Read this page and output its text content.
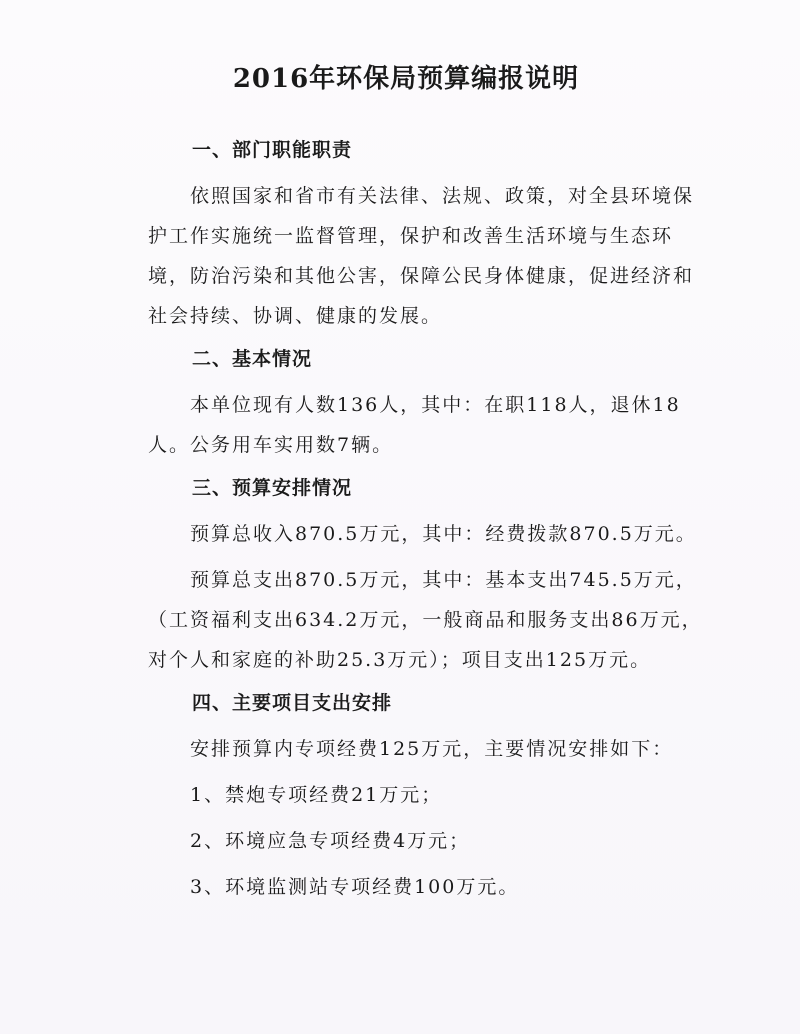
2016年环保局预算编报说明
一、部门职能职责
依照国家和省市有关法律、法规、政策，对全县环境保护工作实施统一监督管理，保护和改善生活环境与生态环境，防治污染和其他公害，保障公民身体健康，促进经济和社会持续、协调、健康的发展。
二、基本情况
本单位现有人数136人，其中：在职118人，退休18人。公务用车实用数7辆。
三、预算安排情况
预算总收入870.5万元，其中：经费拨款870.5万元。
预算总支出870.5万元，其中：基本支出745.5万元，（工资福利支出634.2万元，一般商品和服务支出86万元，对个人和家庭的补助25.3万元）；项目支出125万元。
四、主要项目支出安排
安排预算内专项经费125万元，主要情况安排如下：
1、禁炮专项经费21万元；
2、环境应急专项经费4万元；
3、环境监测站专项经费100万元。
